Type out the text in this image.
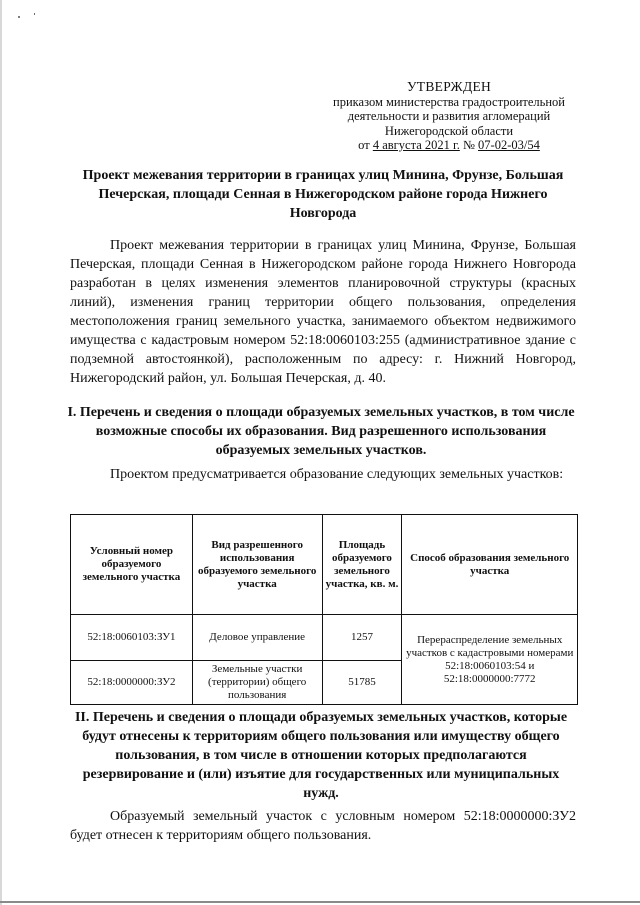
УТВЕРЖДЕН
приказом министерства градостроительной
деятельности и развития агломераций
Нижегородской области
от 4 августа 2021 г. № 07-02-03/54
Проект межевания территории в границах улиц Минина, Фрунзе, Большая Печерская, площади Сенная в Нижегородском районе города Нижнего Новгорода
Проект межевания территории в границах улиц Минина, Фрунзе, Большая Печерская, площади Сенная в Нижегородском районе города Нижнего Новгорода разработан в целях изменения элементов планировочной структуры (красных линий), изменения границ территории общего пользования, определения местоположения границ земельного участка, занимаемого объектом недвижимого имущества с кадастровым номером 52:18:0060103:255 (административное здание с подземной автостоянкой), расположенным по адресу: г. Нижний Новгород, Нижегородский район, ул. Большая Печерская, д. 40.
I. Перечень и сведения о площади образуемых земельных участков, в том числе возможные способы их образования. Вид разрешенного использования образуемых земельных участков.
Проектом предусматривается образование следующих земельных участков:
Условный номер образуемого земельного участка	Вид разрешенного использования образуемого земельного участка	Площадь образуемого земельного участка, кв. м.	Способ образования земельного участка
52:18:0060103:ЗУ1	Деловое управление	1257	Перераспределение земельных участков с кадастровыми номерами 52:18:0060103:54 и 52:18:0000000:7772
52:18:0000000:ЗУ2	Земельные участки (территории) общего пользования	51785	
II. Перечень и сведения о площади образуемых земельных участков, которые будут отнесены к территориям общего пользования или имуществу общего пользования, в том числе в отношении которых предполагаются резервирование и (или) изъятие для государственных или муниципальных нужд.
Образуемый земельный участок с условным номером 52:18:0000000:ЗУ2 будет отнесен к территориям общего пользования.
